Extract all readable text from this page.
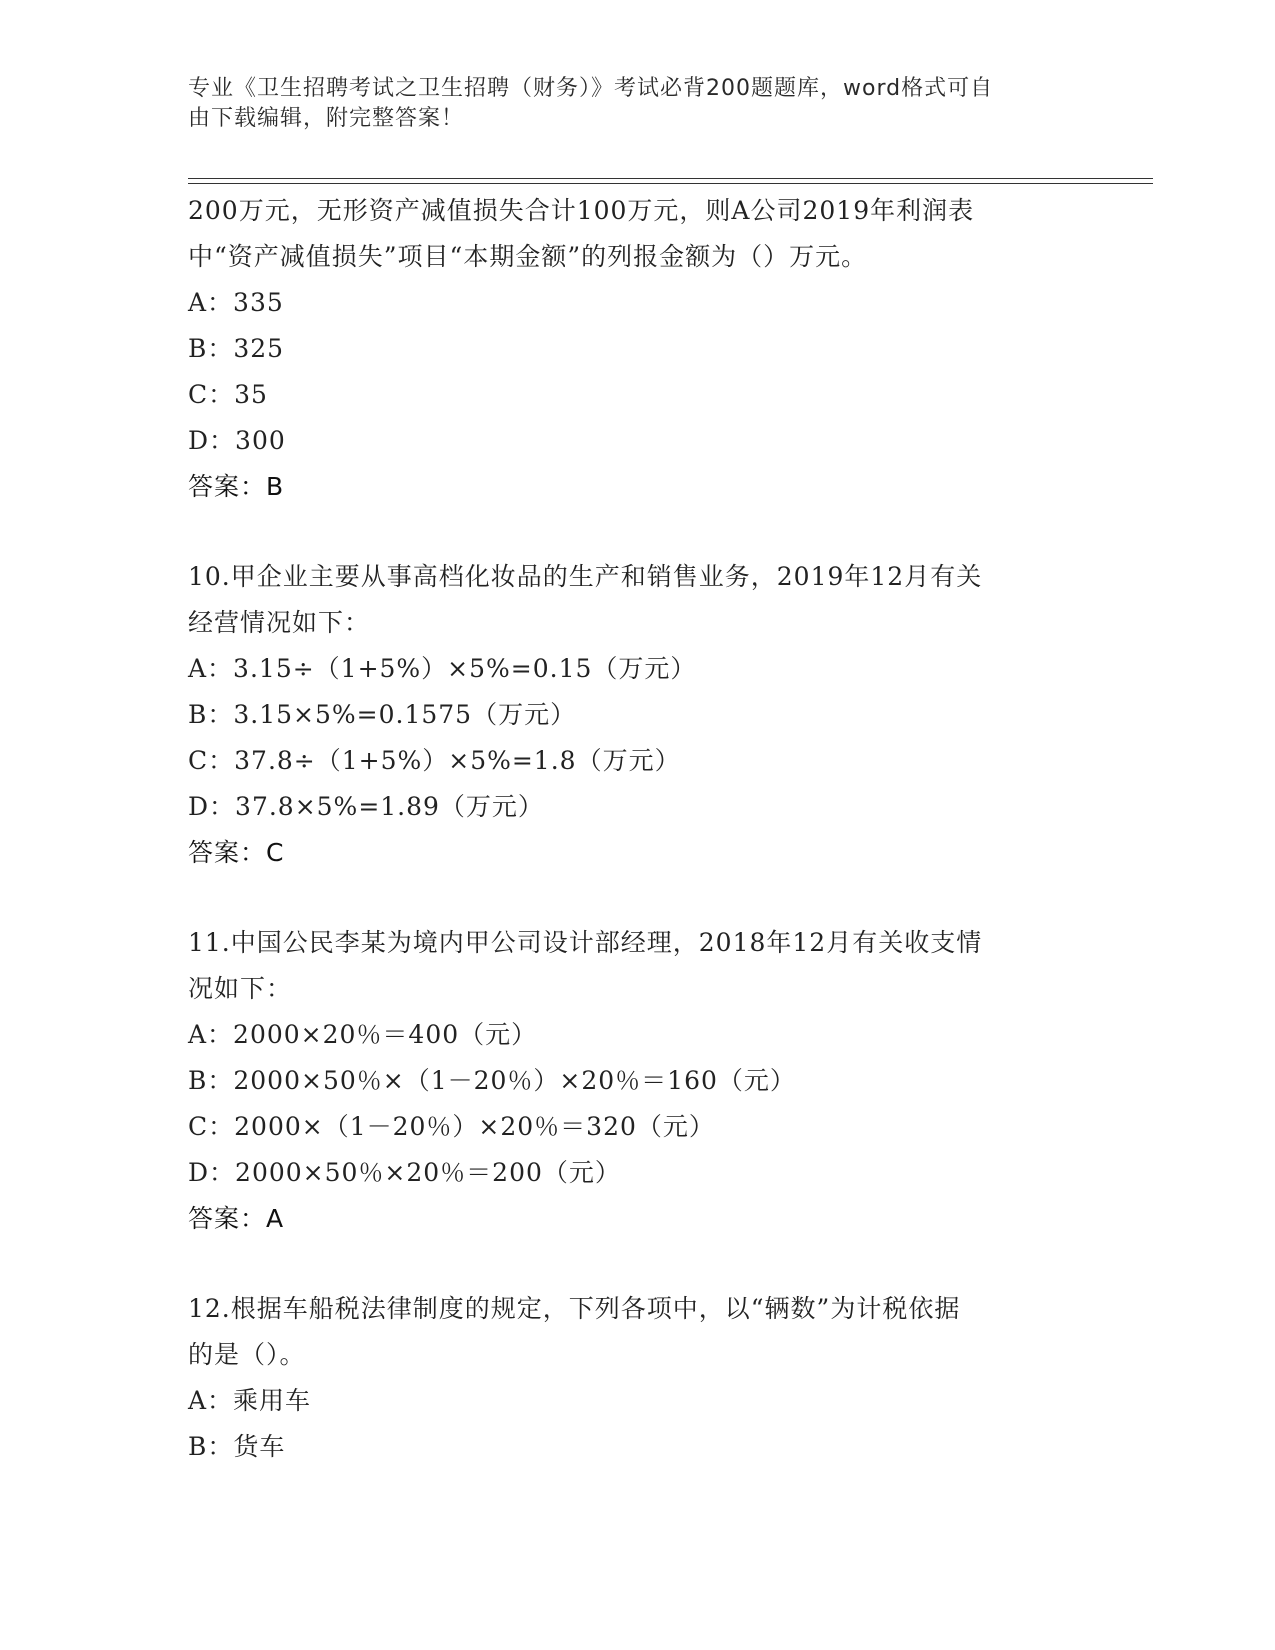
专业《卫生招聘考试之卫生招聘（财务）》考试必背200题题库，word格式可自
由下载编辑，附完整答案！
200万元，无形资产减值损失合计100万元，则A公司2019年利润表
中“资产减值损失”项目“本期金额”的列报金额为（）万元。
A：335
B：325
C：35
D：300
答案：B
10.甲企业主要从事高档化妆品的生产和销售业务，2019年12月有关
经营情况如下：
A：3.15÷（1+5%）×5%=0.15（万元）
B：3.15×5%=0.1575（万元）
C：37.8÷（1+5%）×5%=1.8（万元）
D：37.8×5%=1.89（万元）
答案：C
11.中国公民李某为境内甲公司设计部经理，2018年12月有关收支情
况如下：
A：2000×20％＝400（元）
B：2000×50％×（1－20％）×20％＝160（元）
C：2000×（1－20％）×20％＝320（元）
D：2000×50％×20％＝200（元）
答案：A
12.根据车船税法律制度的规定，下列各项中，以“辆数”为计税依据
的是（）。
A：乘用车
B：货车
